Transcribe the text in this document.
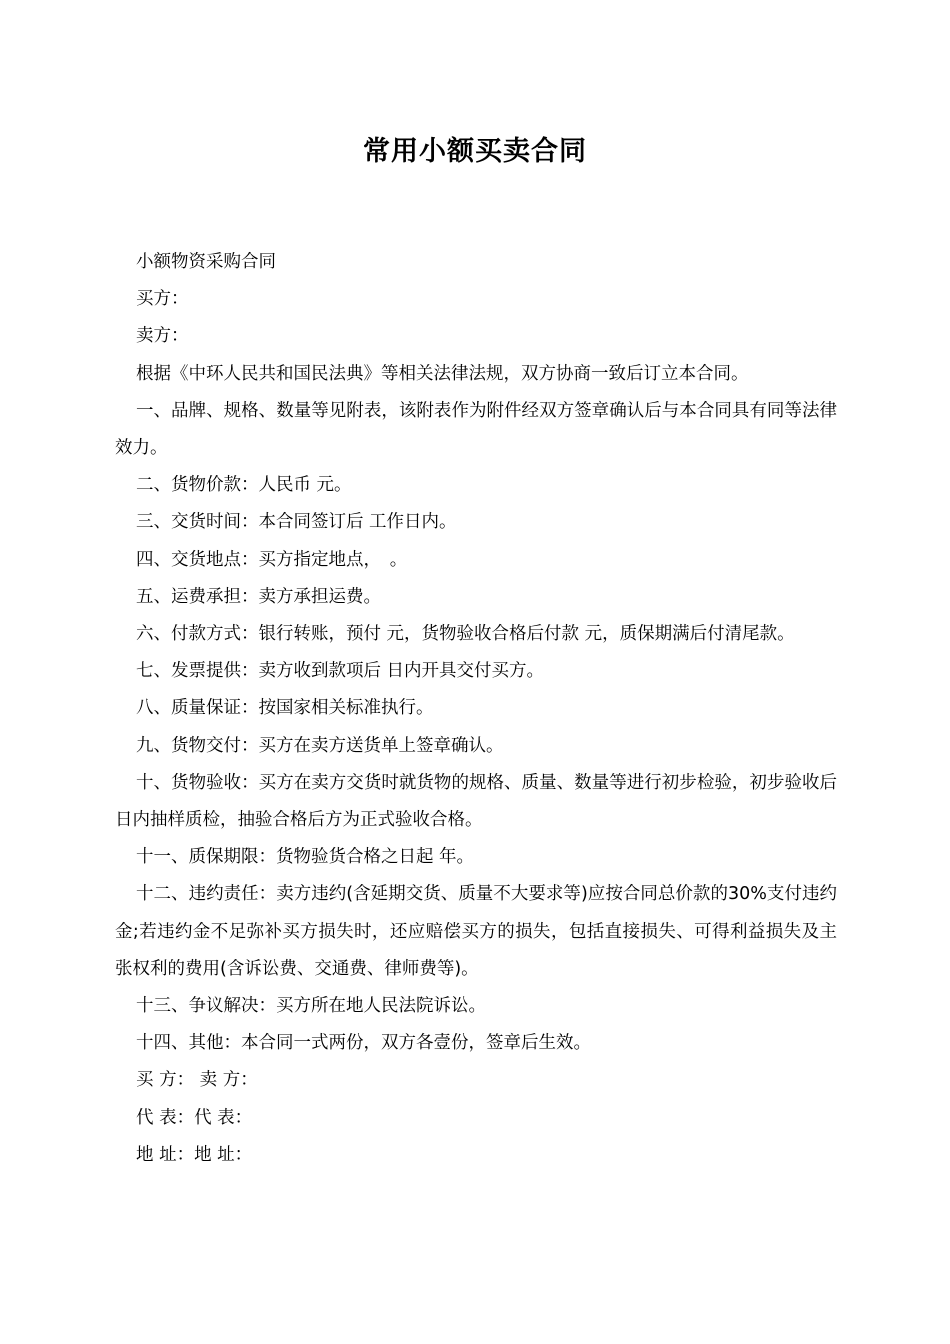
常用小额买卖合同

小额物资采购合同

买方：

卖方：

根据《中环人民共和国民法典》等相关法律法规，双方协商一致后订立本合同。

一、品牌、规格、数量等见附表，该附表作为附件经双方签章确认后与本合同具有同等法律效力。

二、货物价款：人民币 元。

三、交货时间：本合同签订后 工作日内。

四、交货地点：买方指定地点，　。

五、运费承担：卖方承担运费。

六、付款方式：银行转账，预付 元，货物验收合格后付款 元，质保期满后付清尾款。

七、发票提供：卖方收到款项后 日内开具交付买方。

八、质量保证：按国家相关标准执行。

九、货物交付：买方在卖方送货单上签章确认。

十、货物验收：买方在卖方交货时就货物的规格、质量、数量等进行初步检验，初步验收后 日内抽样质检，抽验合格后方为正式验收合格。

十一、质保期限：货物验货合格之日起 年。

十二、违约责任：卖方违约(含延期交货、质量不大要求等)应按合同总价款的30%支付违约金;若违约金不足弥补买方损失时，还应赔偿买方的损失，包括直接损失、可得利益损失及主张权利的费用(含诉讼费、交通费、律师费等)。

十三、争议解决：买方所在地人民法院诉讼。

十四、其他：本合同一式两份，双方各壹份，签章后生效。

买 方： 卖 方：

代 表：代 表：

地 址：地 址：
